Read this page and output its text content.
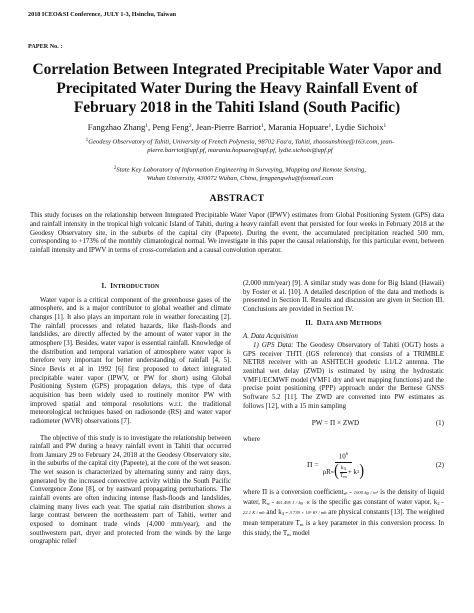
2018 ICEO&SI Conference, JULY 1-3, Hsinchu, Taiwan
PAPER No. :
Correlation Between Integrated Precipitable Water Vapor and
Precipitated Water During the Heavy Rainfall Event of
February 2018 in the Tahiti Island (South Pacific)
Fangzhao Zhang$^1$, Peng Feng$^2$, Jean-Pierre Barriot$^1$, Marania Hopuare$^1$, Lydie Sichoix$^1$
$^1$Geodesy Observatory of Tahiti, University of French Polynesia, 98702 Faa'a, Tahiti, zhaosunshine@163.com, jean-
pierre.barriot@upf.pf, marania.hopuare@upf.pf, lydie.sichoix@upf.pf
$^2$State Key Laboratory of Information Engineering in Surveying, Mapping and Remote Sensing,
Wuhan University, 430072 Wuhan, China, fengpengwhu@foxmail.com
ABSTRACT
This study focuses on the relationship between Integrated Precipitable Water Vapor (IPWV) estimates from Global Positioning System (GPS) data and rainfall intensity in the tropical high volcanic Island of Tahiti, during a heavy rainfall event that persisted for four weeks in February 2018 at the Geodesy Observatory site, in the suburbs of the capital city (Papeete). During the event, the accumulated precipitation reached 500 mm, corresponding to +173% of the monthly climatological normal. We investigate in this paper the causal relationship, for this particular event, between rainfall intensity and IPWV in terms of cross-correlation and a causal convolution operator.
I. INTRODUCTION

Water vapor is a critical component of the greenhouse gases of the atmosphere, and is a major contributor to global weather and climate changes [1]. It also plays an important role in weather forecasting [2]. The rainfall processes and related hazards, like flash-floods and landslides, are directly affected by the amount of water vapor in the atmosphere [3]. Besides, water vapor is essential rainfall. Knowledge of the distribution and temporal variation of atmosphere water vapor is therefore very important for better understanding of rainfall [4, 5]. Since Bevis et al in 1992 [6] first proposed to detect integrated precipitable water vapor (IPWV, or PW for short) using Global Positioning System (GPS) propagation delays, this type of data acquisition has been widely used to routinely monitor PW with improved spatial and temporal resolutions w.r.t. the traditional meteorological techniques based on radiosonde (RS) and water vapor radiometer (WVR) observations [7].

The objective of this study is to investigate the relationship between rainfall and PW during a heavy rainfall event in Tahiti that occurred from January 29 to February 24, 2018 at the Geodesy Observatory site, in the suburbs of the capital city (Papeete), at the core of the wet season. The wet season is characterized by alternating sunny and rainy days, generated by the increased convective activity within the South Pacific Convergence Zone [8], or by eastward propagating perturbations. The rainfall events are often inducing intense flash-floods and landslides, claiming many lives each year. The spatial rain distribution shows a large contrast between the northeastern part of Tahiti, wetter and exposed to dominant trade winds (4,000 mm/year), and the southwestern part, dryer and protected from the winds by the large orographic relief

(2,000 mm/year) [9]. A similar study was done for Big Island (Hawaii) by Foster et al. [10]. A detailed description of the data and methods is presented in Section II. Results and discussion are given in Section III. Conclusions are provided in Section IV.

II. DATA AND METHODS
A. Data Acquisition

1) GPS Data: The Geodesy Observatory of Tahiti (OGT) hosts a GPS receiver THTI (IGS reference) that consists of a TRIMBLE NETR8 receiver with an ASHTECH geodetic L1/L2 antenna. The zenithal wet delay (ZWD) is estimated by using the hydrostatic VMF1/ECMWF model (VMF1 dry and wet mapping functions) and the precise point positioning (PPP) approach under the Bernese GNSS Software 5.2 [11]. The ZWD are converted into PW estimates as follows [12], with a 15 min sampling

PW = Π × ZWD	(1)
where
Π =
$10^6$
ρR w ( $\frac{k_3}{T_m} + k$ 2 )	(2)

where Π is a conversion coefficient,ρ = 1000 kg / m³ is the density of liquid water, $R_w = 461.495$ J / kg · K is the specific gas constant of water vapor, $k_2 = 22.1$ K / mb and $k_3 = 3.739 \times 10^5$ K² / mb are physical constants [13]. The weighted mean temperature $T_m$ is a key parameter in this conversion process. In this study, the $T_m$ model
